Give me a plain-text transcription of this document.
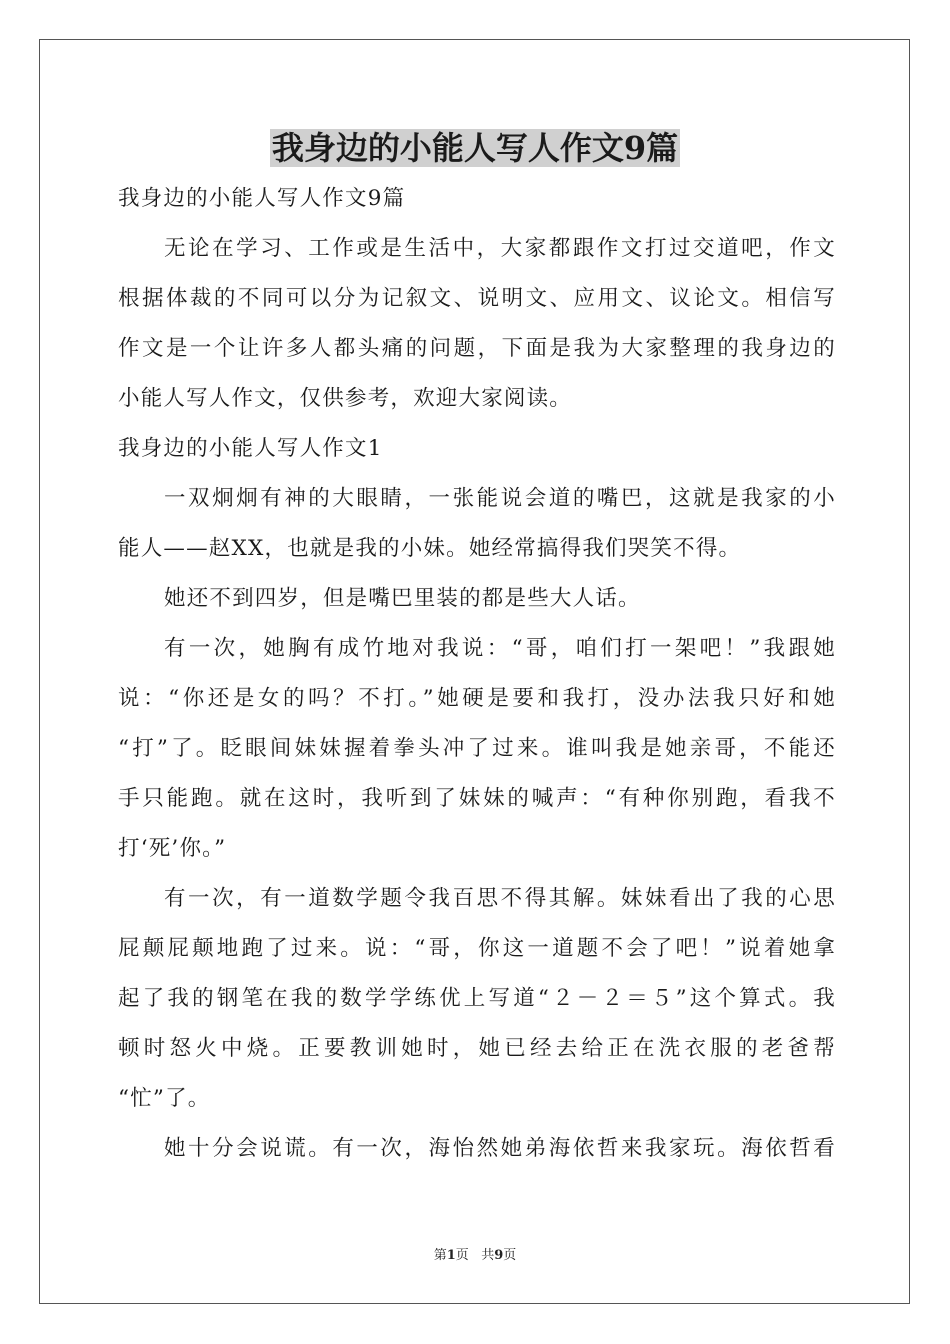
我身边的小能人写人作文9篇

我身边的小能人写人作文9篇

无论在学习、工作或是生活中，大家都跟作文打过交道吧，作文

根据体裁的不同可以分为记叙文、说明文、应用文、议论文。相信写

作文是一个让许多人都头痛的问题，下面是我为大家整理的我身边的

小能人写人作文，仅供参考，欢迎大家阅读。

我身边的小能人写人作文1

一双炯炯有神的大眼睛，一张能说会道的嘴巴，这就是我家的小

能人——赵XX，也就是我的小妹。她经常搞得我们哭笑不得。

她还不到四岁，但是嘴巴里装的都是些大人话。

有一次，她胸有成竹地对我说：“哥，咱们打一架吧！”我跟她

说：“你还是女的吗？不打。”她硬是要和我打，没办法我只好和她

“打”了。眨眼间妹妹握着拳头冲了过来。谁叫我是她亲哥，不能还

手只能跑。就在这时，我听到了妹妹的喊声：“有种你别跑，看我不

打‘死’你。”

有一次，有一道数学题令我百思不得其解。妹妹看出了我的心思

屁颠屁颠地跑了过来。说：“哥，你这一道题不会了吧！”说着她拿

起了我的钢笔在我的数学学练优上写道“２－２＝５”这个算式。我

顿时怒火中烧。正要教训她时，她已经去给正在洗衣服的老爸帮

“忙”了。

她十分会说谎。有一次，海怡然她弟海依哲来我家玩。海依哲看

第1页 共9页
